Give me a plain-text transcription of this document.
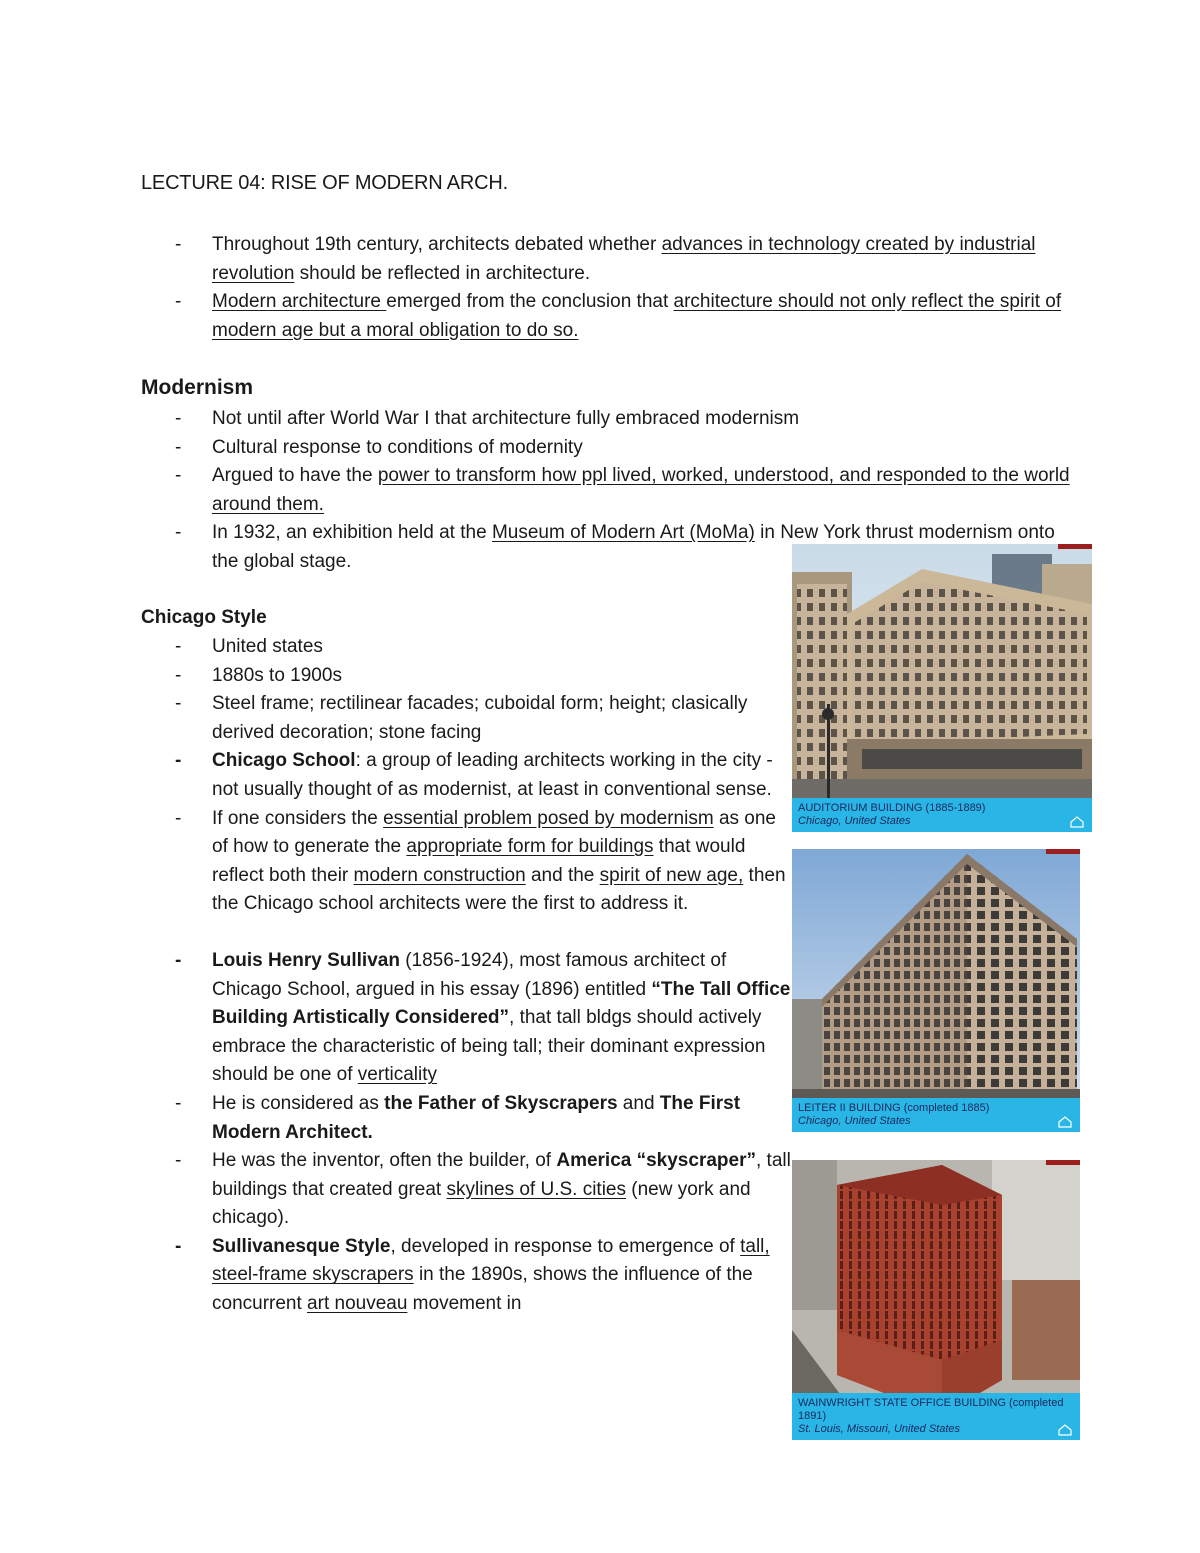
LECTURE 04: RISE OF MODERN ARCH.
- Throughout 19th century, architects debated whether advances in technology created by industrial revolution should be reflected in architecture.
- Modern architecture emerged from the conclusion that architecture should not only reflect the spirit of modern age but a moral obligation to do so.
Modernism
- Not until after World War I that architecture fully embraced modernism
- Cultural response to conditions of modernity
- Argued to have the power to transform how ppl lived, worked, understood, and responded to the world around them.
- In 1932, an exhibition held at the Museum of Modern Art (MoMa) in New York thrust modernism onto the global stage.
Chicago Style
- United states
- 1880s to 1900s
- Steel frame; rectilinear facades; cuboidal form; height; clasically derived decoration; stone facing
- Chicago School: a group of leading architects working in the city - not usually thought of as modernist, at least in conventional sense.
- If one considers the essential problem posed by modernism as one of how to generate the appropriate form for buildings that would reflect both their modern construction and the spirit of new age, then the Chicago school architects were the first to address it.
- Louis Henry Sullivan (1856-1924), most famous architect of Chicago School, argued in his essay (1896) entitled “The Tall Office Building Artistically Considered”, that tall bldgs should actively embrace the characteristic of being tall; their dominant expression should be one of verticality
- He is considered as the Father of Skyscrapers and The First Modern Architect.
- He was the inventor, often the builder, of America “skyscraper”, tall buildings that created great skylines of U.S. cities (new york and chicago).
- Sullivanesque Style, developed in response to emergence of tall, steel-frame skyscrapers in the 1890s, shows the influence of the concurrent art nouveau movement in
AUDITORIUM BUILDING (1885-1889)
Chicago, United States
LEITER II BUILDING (completed 1885)
Chicago, United States
WAINWRIGHT STATE OFFICE BUILDING (completed 1891)
St. Louis, Missouri, United States
